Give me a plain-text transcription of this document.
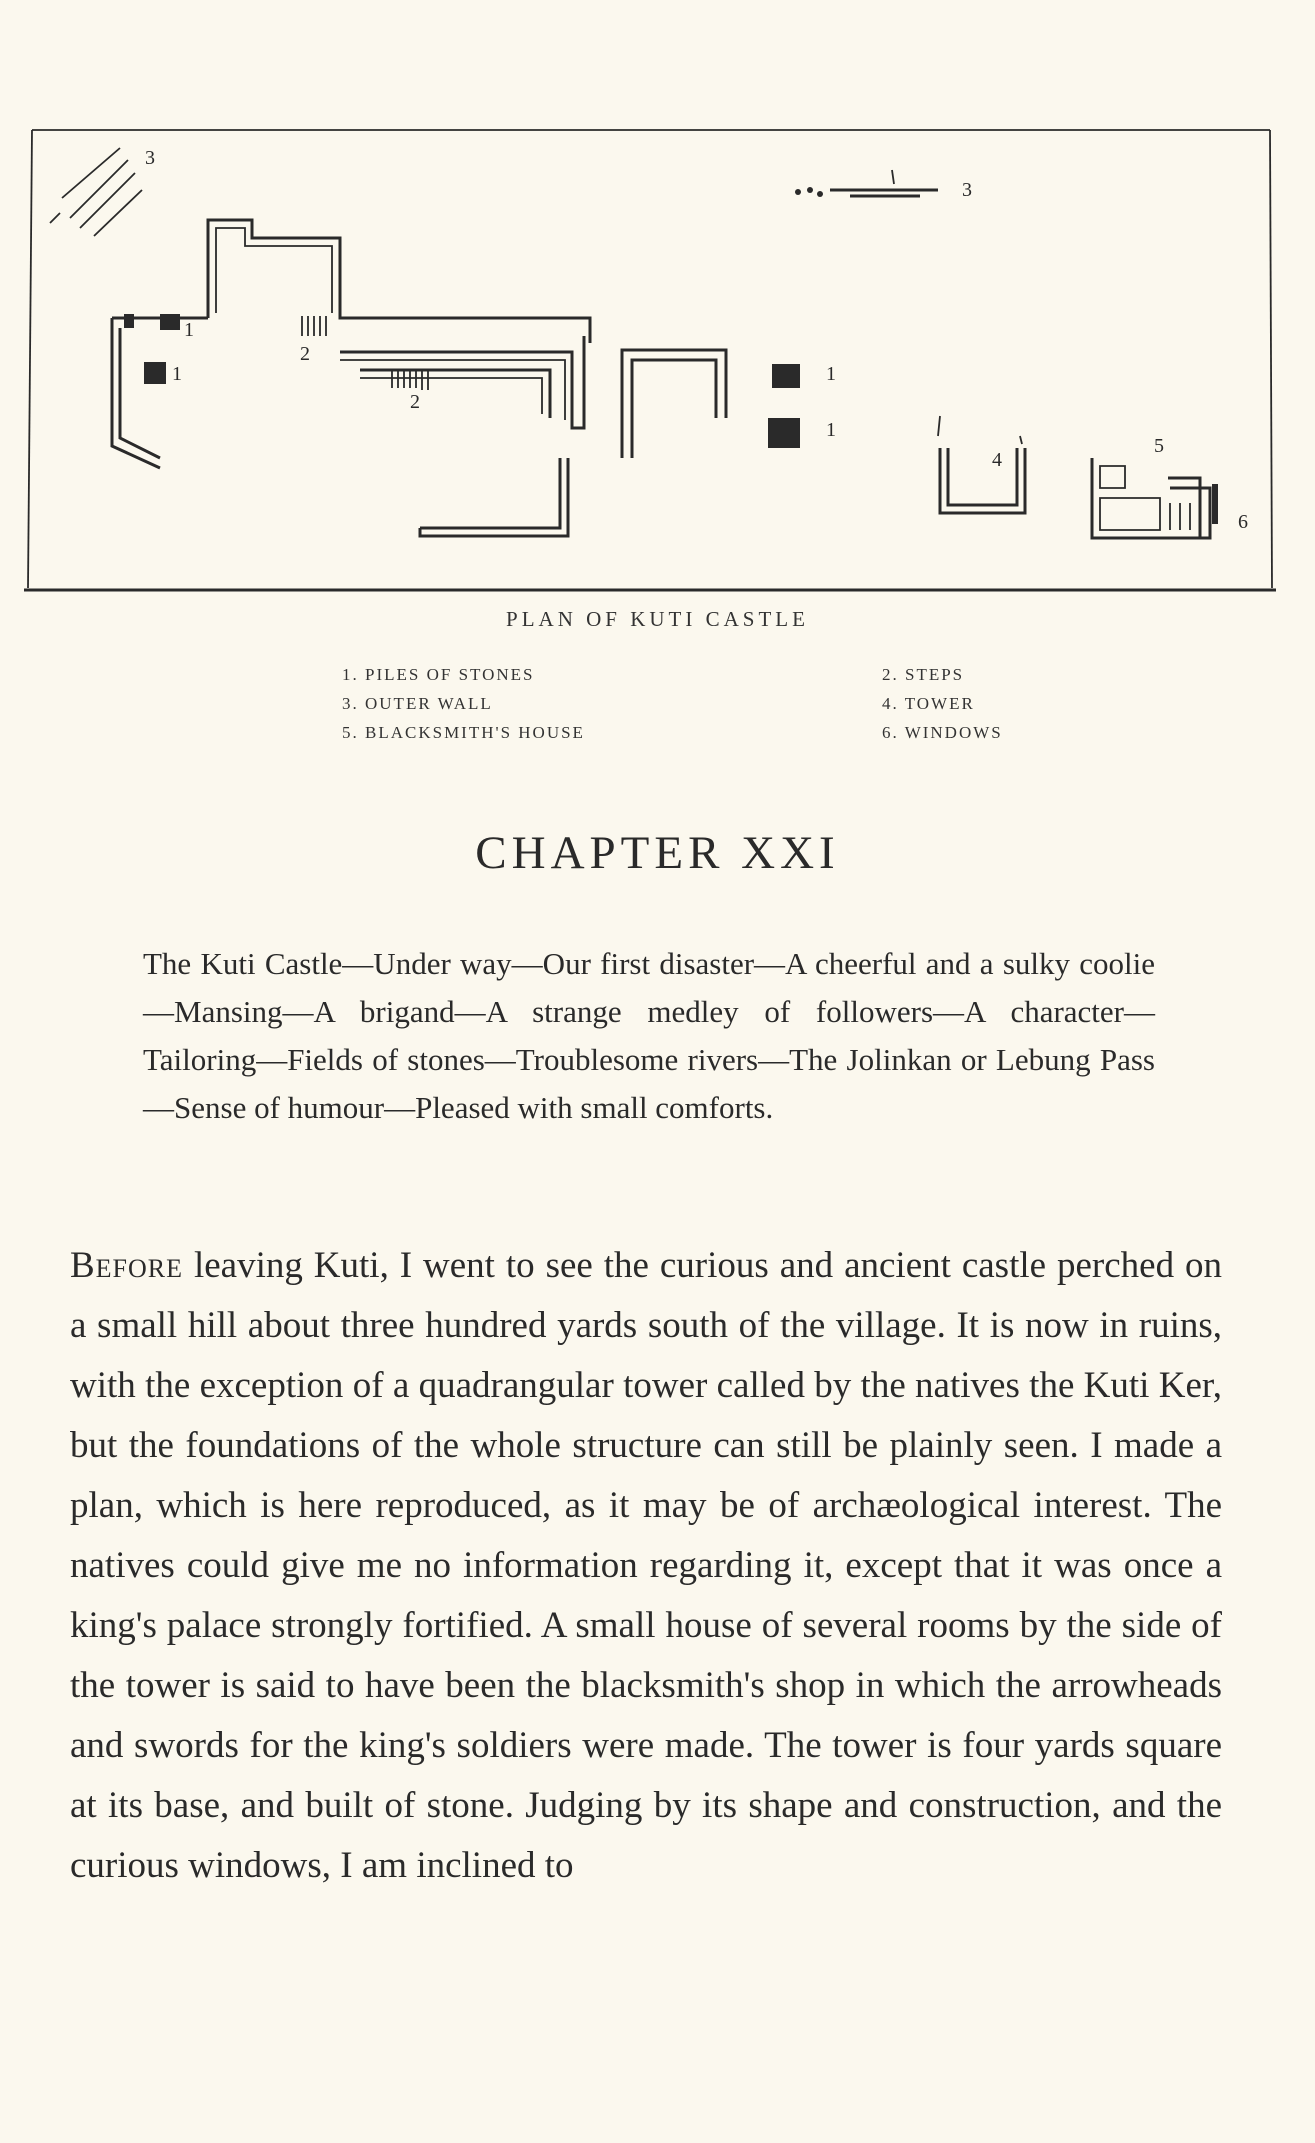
3
1
1
2
2
1
1
3
4
5
6
PLAN OF KUTI CASTLE
1. PILES OF STONES
3. OUTER WALL
5. BLACKSMITH'S HOUSE
2. STEPS
4. TOWER
6. WINDOWS
CHAPTER XXI
The Kuti Castle—Under way—Our first disaster—A cheerful and a sulky coolie—Mansing—A brigand—A strange medley of followers—A character—Tailoring—Fields of stones—Troublesome rivers—The Jolinkan or Lebung Pass—Sense of humour—Pleased with small comforts.
Before leaving Kuti, I went to see the curious and ancient castle perched on a small hill about three hundred yards south of the village. It is now in ruins, with the exception of a quadrangular tower called by the natives the Kuti Ker, but the foundations of the whole structure can still be plainly seen. I made a plan, which is here reproduced, as it may be of archæological interest. The natives could give me no information regarding it, except that it was once a king's palace strongly fortified. A small house of several rooms by the side of the tower is said to have been the blacksmith's shop in which the arrowheads and swords for the king's soldiers were made. The tower is four yards square at its base, and built of stone. Judging by its shape and construction, and the curious windows, I am inclined to
